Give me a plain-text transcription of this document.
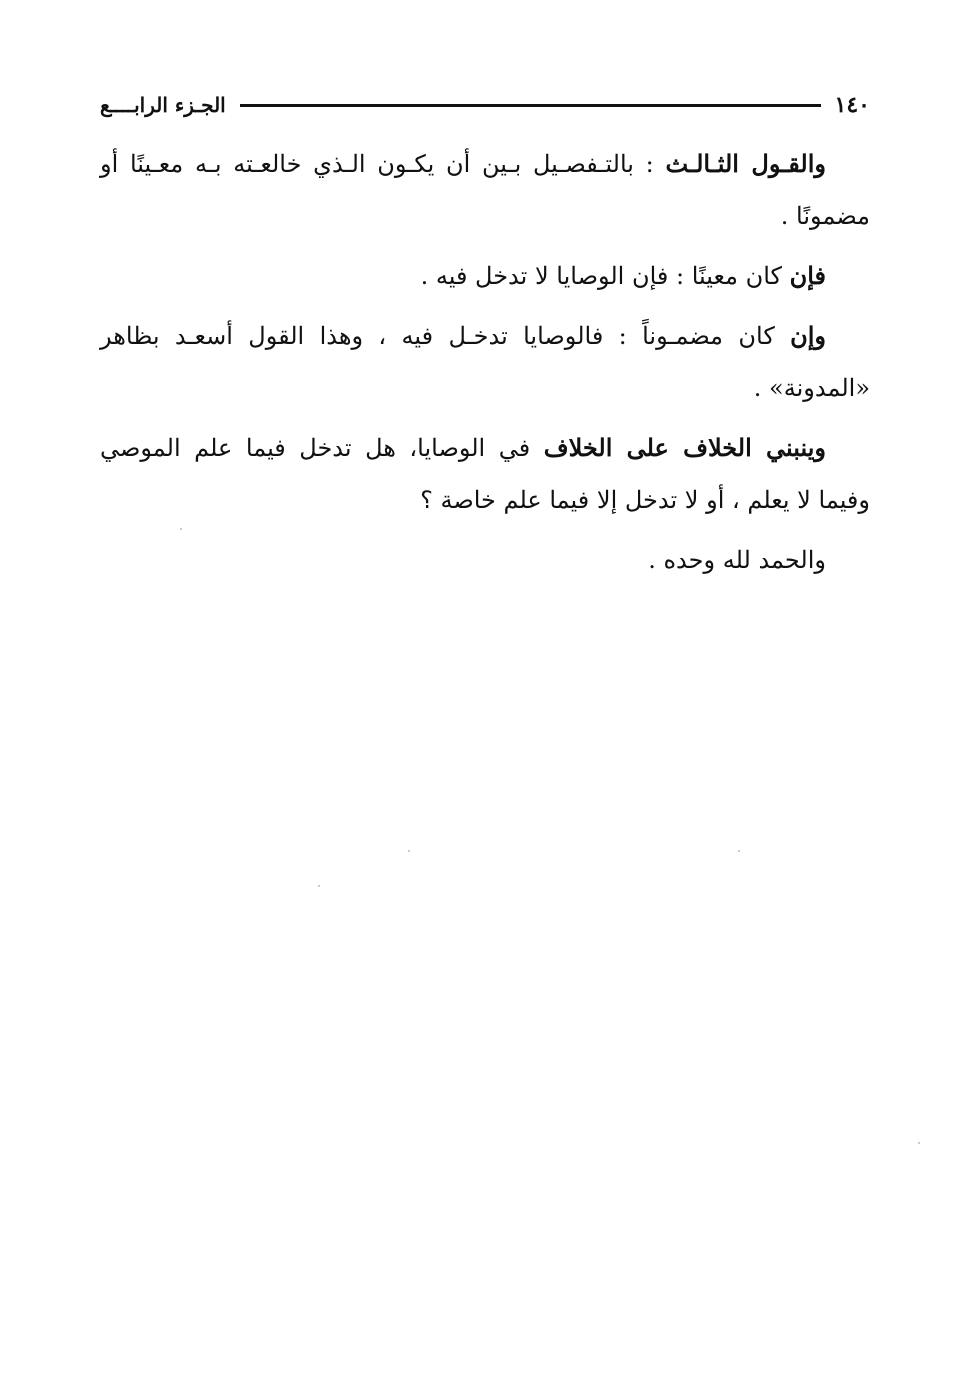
١٤٠
الجـزء الرابــــع

والقـول الثـالـث : بالتـفصـيل بـين أن يكـون الـذي خالعـته بـه معـينًا أو مضمونًا .

فإن كان معينًا : فإن الوصايا لا تدخل فيه .

وإن كان مضمـوناً : فالوصايا تدخـل فيه ، وهذا القول أسعـد بظاهر «المدونة» .

وينبني الخلاف على الخلاف في الوصايا، هل تدخل فيما علم الموصي وفيما لا يعلم ، أو لا تدخل إلا فيما علم خاصة ؟

والحمد لله وحده .
